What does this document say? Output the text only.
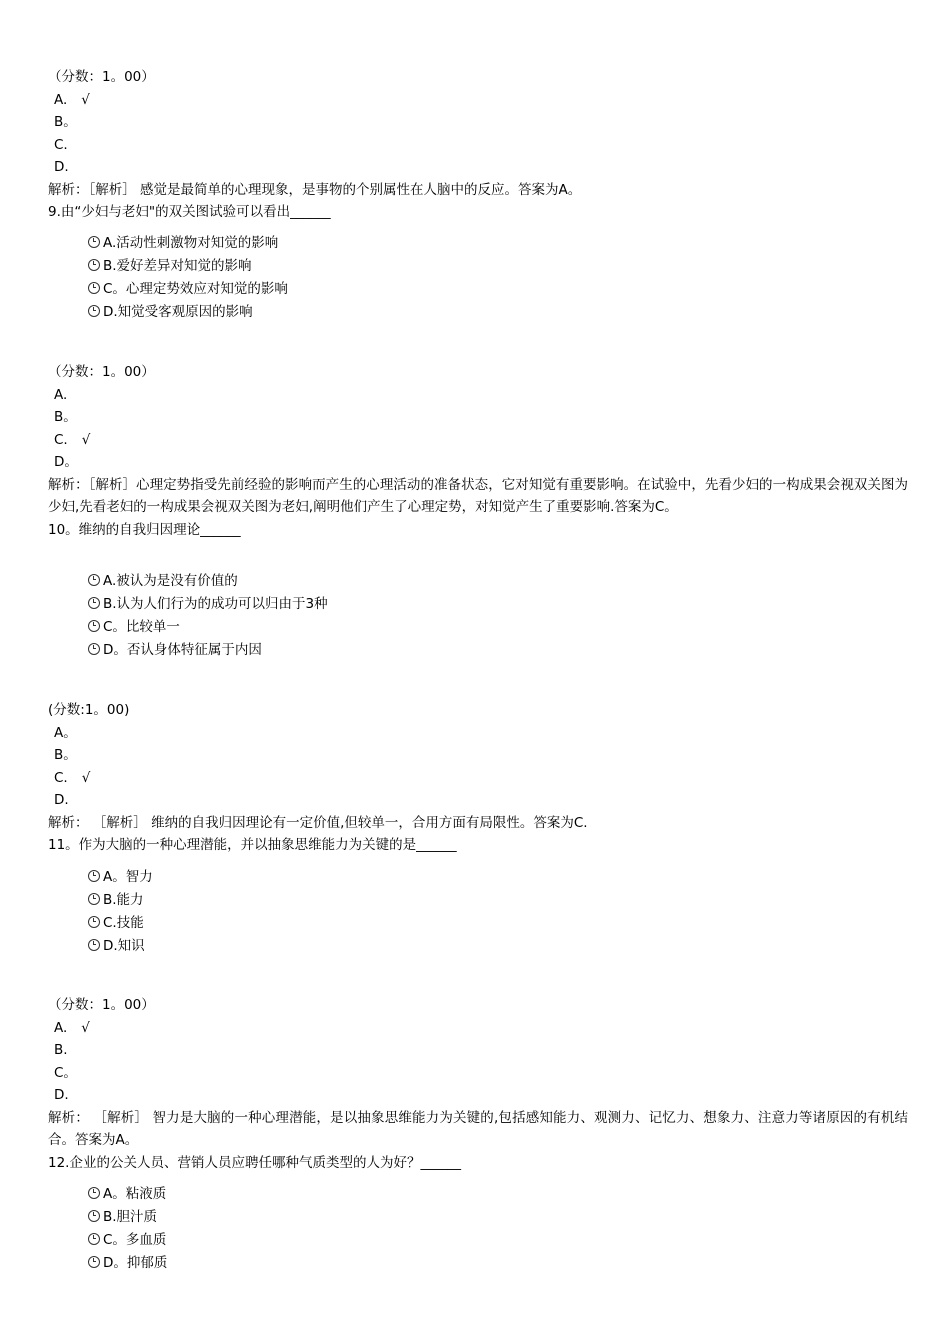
（分数：1。00）
A. √
B。
C.
D.
解析：［解析］ 感觉是最简单的心理现象，是事物的个别属性在人脑中的反应。答案为A。
9.由“少妇与老妇"的双关图试验可以看出______
A.活动性刺激物对知觉的影响
B.爱好差异对知觉的影响
C。心理定势效应对知觉的影响
D.知觉受客观原因的影响
（分数：1。00）
A.
B。
C. √
D。
解析：［解析］心理定势指受先前经验的影响而产生的心理活动的准备状态，它对知觉有重要影响。在试验中，先看少妇的一构成果会视双关图为少妇,先看老妇的一构成果会视双关图为老妇,阐明他们产生了心理定势，对知觉产生了重要影响.答案为C。
10。维纳的自我归因理论______
A.被认为是没有价值的
B.认为人们行为的成功可以归由于3种
C。比较单一
D。否认身体特征属于内因
(分数:1。00)
A。
B。
C. √
D.
解析： ［解析］ 维纳的自我归因理论有一定价值,但较单一，合用方面有局限性。答案为C.
11。作为大脑的一种心理潜能，并以抽象思维能力为关键的是______
A。智力
B.能力
C.技能
D.知识
（分数：1。00）
A. √
B.
C。
D.
解析： ［解析］ 智力是大脑的一种心理潜能，是以抽象思维能力为关键的,包括感知能力、观测力、记忆力、想象力、注意力等诸原因的有机结合。答案为A。
12.企业的公关人员、营销人员应聘任哪种气质类型的人为好？______
A。粘液质
B.胆汁质
C。多血质
D。抑郁质
